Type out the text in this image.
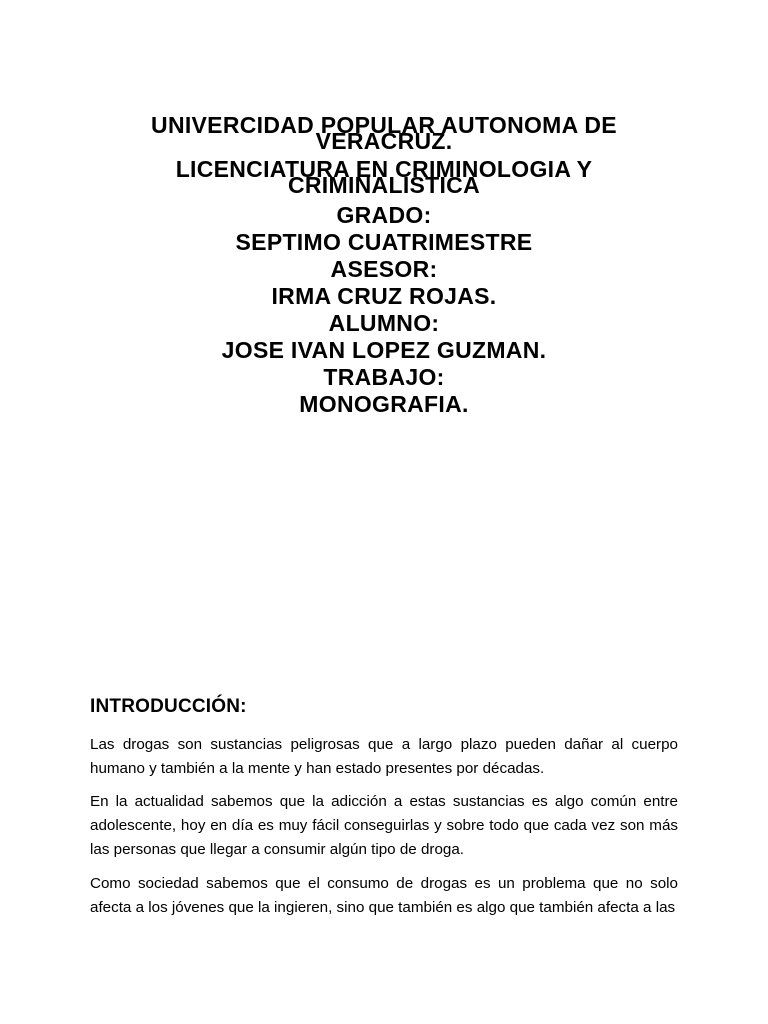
UNIVERCIDAD POPULAR AUTONOMA DE VERACRUZ.
LICENCIATURA EN CRIMINOLOGIA Y CRIMINALISTICA
GRADO:
SEPTIMO CUATRIMESTRE
ASESOR:
IRMA CRUZ ROJAS.
ALUMNO:
JOSE IVAN LOPEZ GUZMAN.
TRABAJO:
MONOGRAFIA.
INTRODUCCIÓN:

Las drogas son sustancias peligrosas que a largo plazo pueden dañar al cuerpo humano y también a la mente y han estado presentes por décadas.

En la actualidad sabemos que la adicción a estas sustancias es algo común entre adolescente, hoy en día es muy fácil conseguirlas y sobre todo que cada vez son más las personas que llegar a consumir algún tipo de droga.

Como sociedad sabemos que el consumo de drogas es un problema que no solo afecta a los jóvenes que la ingieren, sino que también es algo que también afecta a las
